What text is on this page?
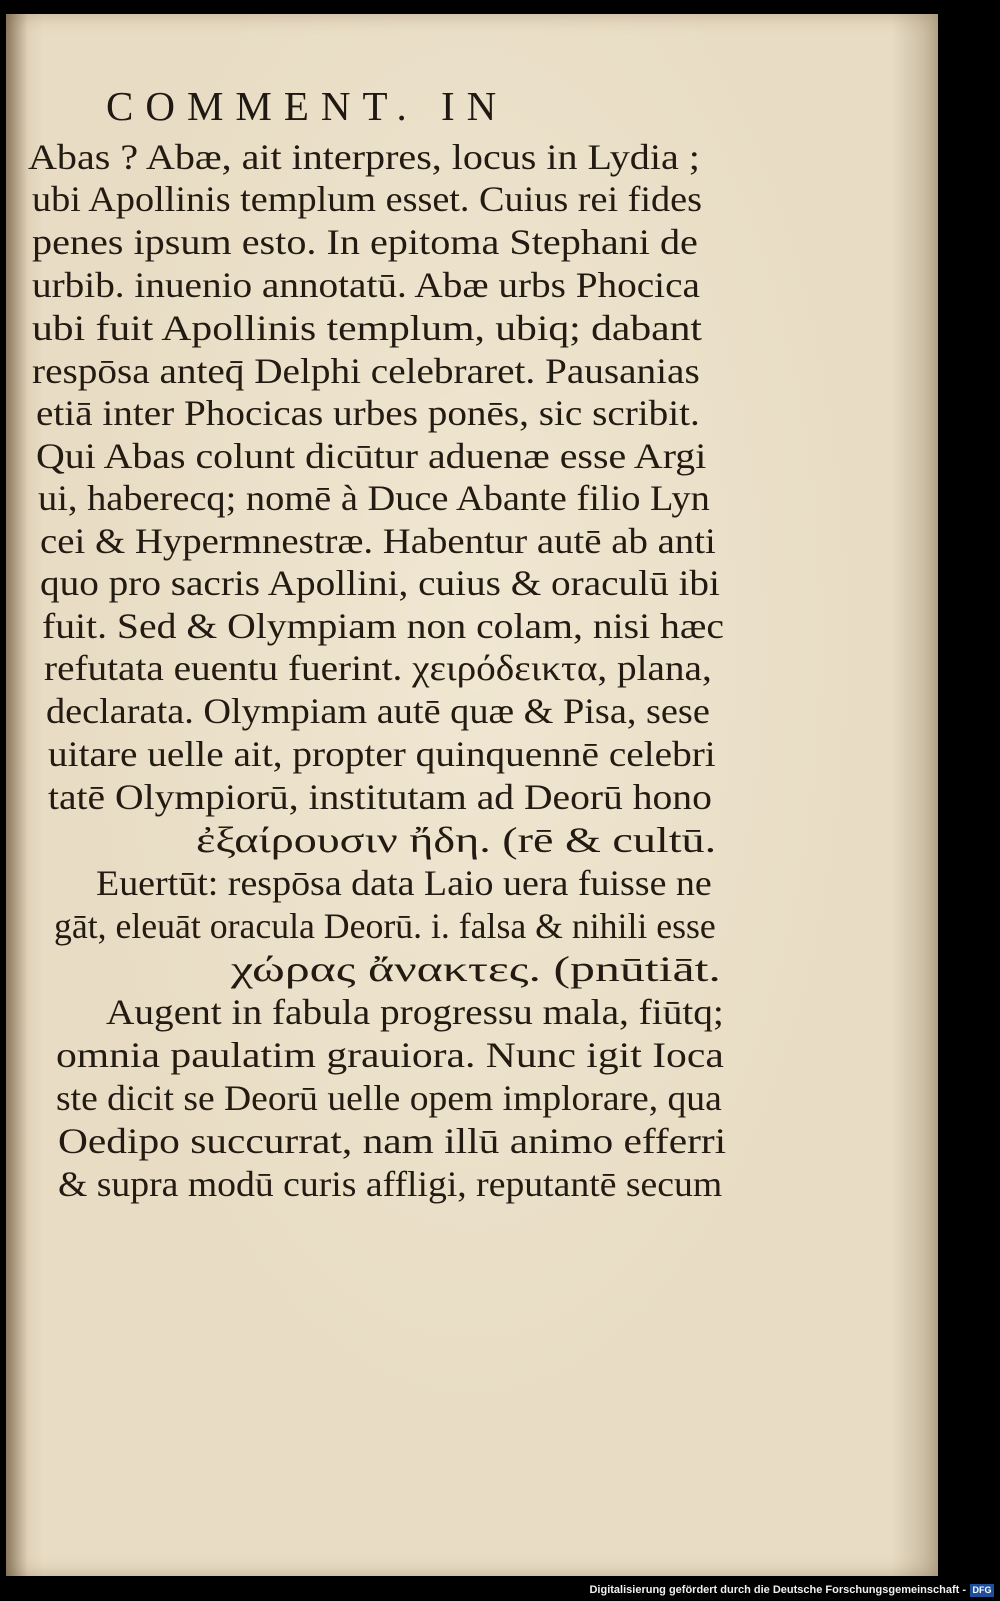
COMMENT. IN
Abas ? Abæ, ait interpres, locus in Lydia ;
ubi Apollinis templum esset. Cuius rei fides
penes ipsum esto. In epitoma Stephani de
urbib. inuenio annotatū. Abæ urbs Phocica
ubi fuit Apollinis templum, ubiq; dabant
respōsa anteq̄ Delphi celebraret. Pausanias
etiā inter Phocicas urbes ponēs, sic scribit.
Qui Abas colunt dicūtur aduenæ esse Argi
ui, haberecq; nomē à Duce Abante filio Lyn
cei & Hypermnestræ. Habentur autē ab anti
quo pro sacris Apollini, cuius & oraculū ibi
fuit. Sed & Olympiam non colam, nisi hæc
refutata euentu fuerint. χειρόδεικτα, plana,
declarata. Olympiam autē quæ & Pisa, sese
uitare uelle ait, propter quinquennē celebri
tatē Olympiorū, institutam ad Deorū hono
ἐξαίρουσιν ἤδη. (rē & cultū.
Euertūt: respōsa data Laio uera fuisse ne
gāt, eleuāt oracula Deorū. i. falsa & nihili esse
χώρας ἄνακτες. (pnūtiāt.
Augent in fabula progressu mala, fiūtq;
omnia paulatim grauiora. Nunc igit Ioca
ste dicit se Deorū uelle opem implorare, qua
Oedipo succurrat, nam illū animo efferri
& supra modū curis affligi, reputantē secum
Digitalisierung gefördert durch die Deutsche Forschungsgemeinschaft - DFG
